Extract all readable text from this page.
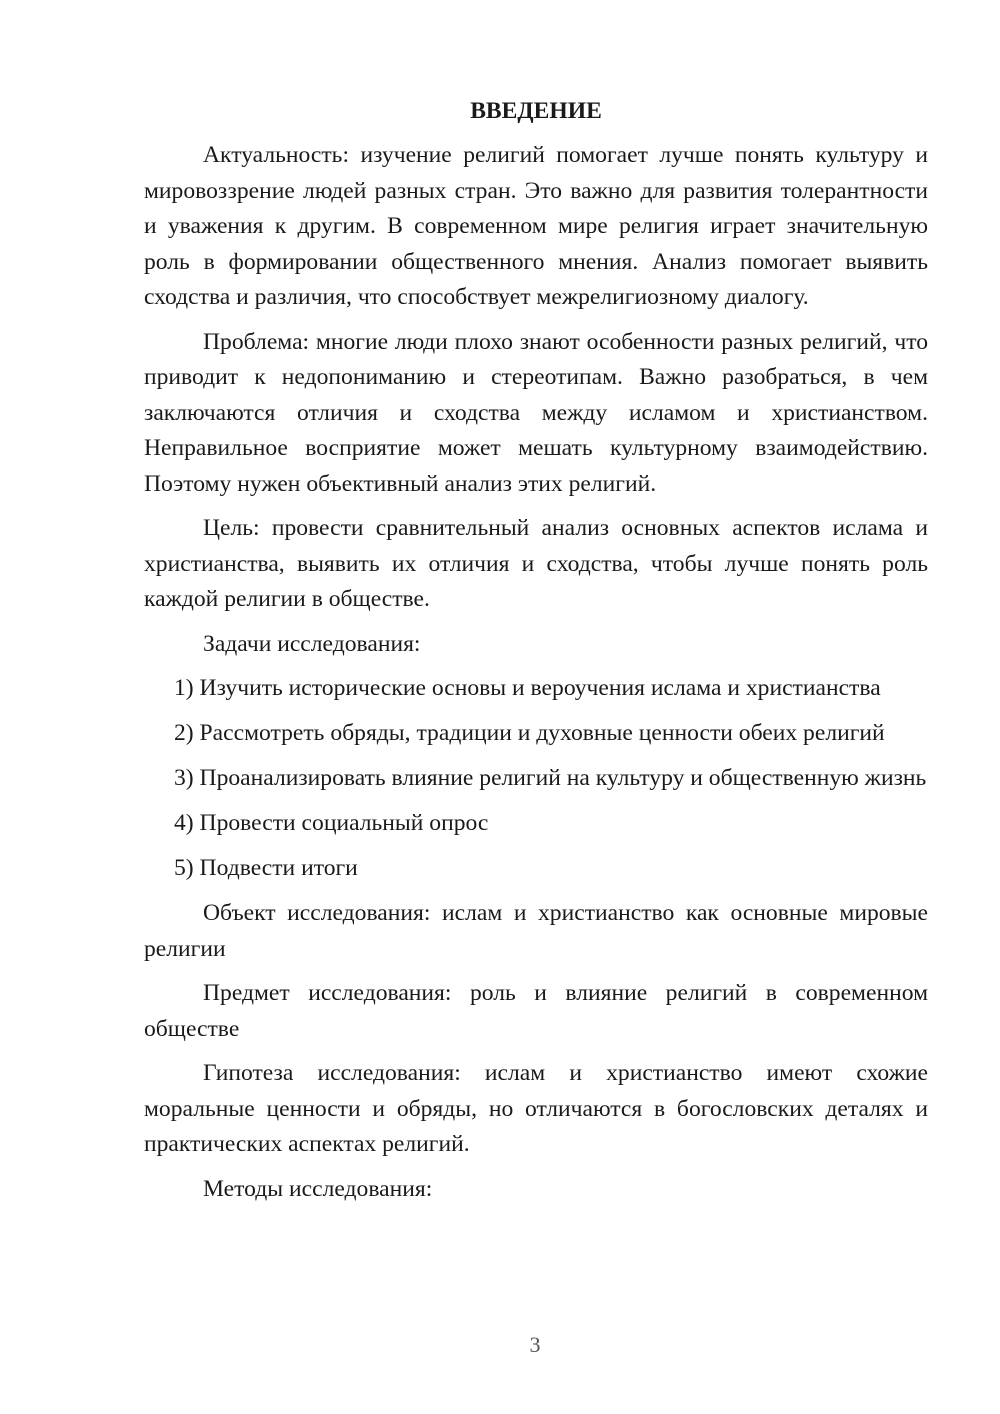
ВВЕДЕНИЕ

Актуальность: изучение религий помогает лучше понять культуру и мировоззрение людей разных стран. Это важно для развития толерантности и уважения к другим. В современном мире религия играет значительную роль в формировании общественного мнения. Анализ помогает выявить сходства и различия, что способствует межрелигиозному диалогу.

Проблема: многие люди плохо знают особенности разных религий, что приводит к недопониманию и стереотипам. Важно разобраться, в чем заключаются отличия и сходства между исламом и христианством. Неправильное восприятие может мешать культурному взаимодействию. Поэтому нужен объективный анализ этих религий.

Цель: провести сравнительный анализ основных аспектов ислама и христианства, выявить их отличия и сходства, чтобы лучше понять роль каждой религии в обществе.

Задачи исследования:

1) Изучить исторические основы и вероучения ислама и христианства
2) Рассмотреть обряды, традиции и духовные ценности обеих религий
3) Проанализировать влияние религий на культуру и общественную жизнь
4) Провести социальный опрос
5) Подвести итоги

Объект исследования: ислам и христианство как основные мировые религии

Предмет исследования: роль и влияние религий в современном обществе

Гипотеза исследования: ислам и христианство имеют схожие моральные ценности и обряды, но отличаются в богословских деталях и практических аспектах религий.

Методы исследования:

3
